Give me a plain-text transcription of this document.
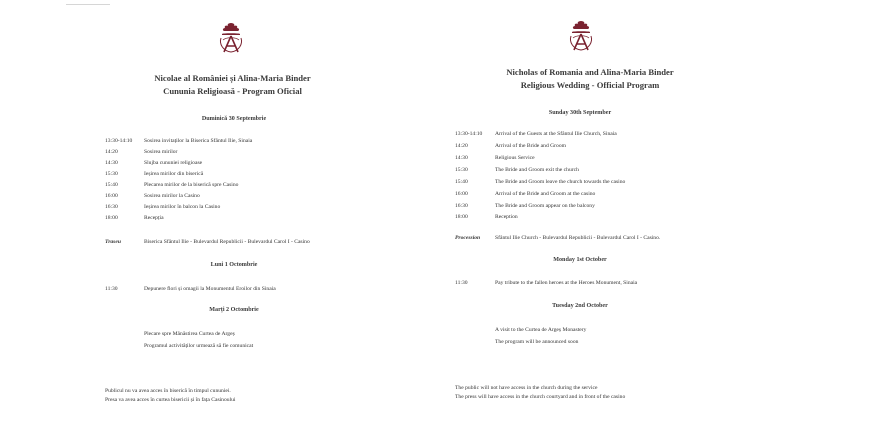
Nicolae al României și Alina-Maria Binder
Cununia Religioasă - Program Oficial
Duminică 30 Septembrie
13:30-14:10 Sosirea invitaților la Biserica Sfântul Ilie, Sinaia
14:20	Sosirea mirilor
14:30	Slujba cununiei religioase
15:30	Ieșirea mirilor din biserică
15:40	Plecarea mirilor de la biserică spre Casino
16:00	Sosirea mirilor la Casino
16:30	Ieșirea mirilor în balcon la Casino
18:00	Recepția
Traseu	Biserica Sfântul Ilie - Bulevardul Republicii - Bulevardul Carol I - Casino
Luni 1 Octombrie
11:30	Depunere flori și omagii la Monumentul Eroilor din Sinaia
Marți 2 Octombrie
Plecare spre Mânăstirea Curtea de Argeș
Programul activităților urmează să fie comunicat
Publicul nu va avea acces în biserică în timpul cununiei.
Presa va avea acces în curtea bisericii și în fața Casinoului
Nicholas of Romania and Alina-Maria Binder
Religious Wedding - Official Program
Sunday 30th September
13:30-14:10 Arrival of the Guests at the Sfântul Ilie Church, Sinaia
14:20	Arrival of the Bride and Groom
14:30	Religious Service
15:30	The Bride and Groom exit the church
15:40	The Bride and Groom leave the church towards the casino
16:00	Arrival of the Bride and Groom at the casino
16:30	The Bride and Groom appear on the balcony
18:00	Reception
Procession	Sfântul Ilie Church - Bulevardul Republicii - Bulevardul Carol I - Casino.
Monday 1st October
11:30	Pay tribute to the fallen heroes at the Heroes Monument, Sinaia
Tuesday 2nd October
A visit to the Curtea de Argeș Monastery
The program will be announced soon
The public will not have access in the church during the service
The press will have access in the church courtyard and in front of the casino
